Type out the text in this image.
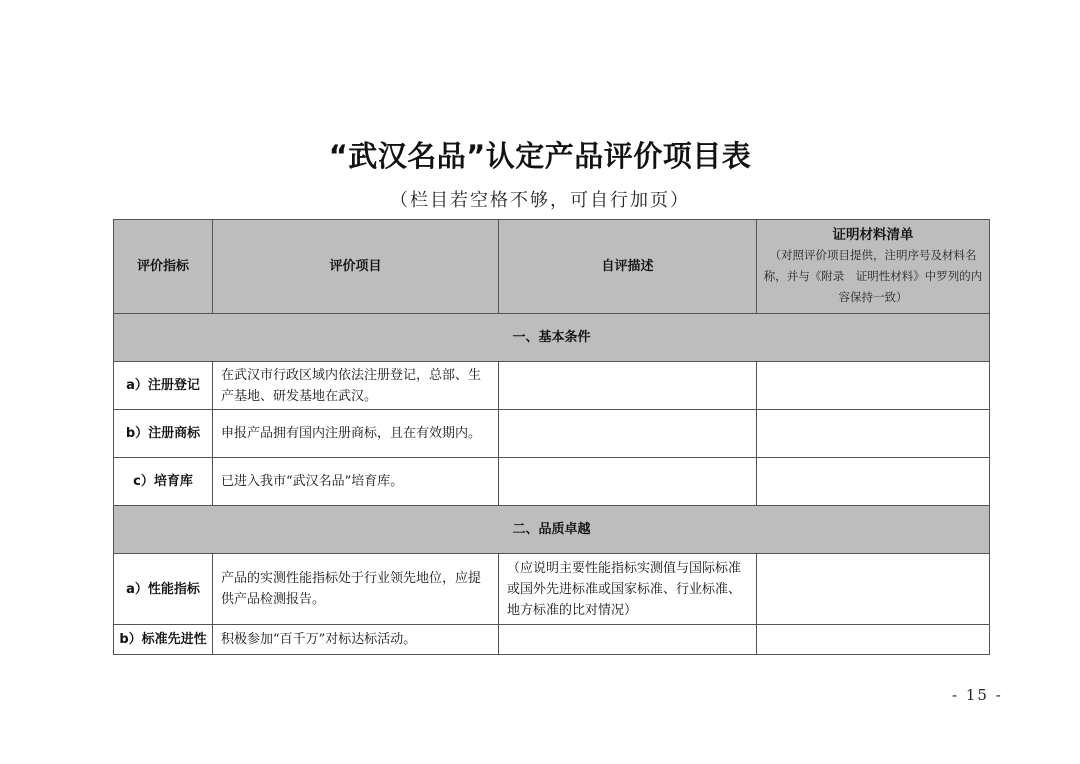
“武汉名品”认定产品评价项目表
（栏目若空格不够，可自行加页）
评价指标	评价项目	自评描述	证明材料清单
（对照评价项目提供，注明序号及材料名称，并与《附录　证明性材料》中罗列的内容保持一致）

一、基本条件			
a）注册登记	在武汉市行政区域内依法注册登记，总部、生产基地、研发基地在武汉。		
b）注册商标	申报产品拥有国内注册商标，且在有效期内。		
c）培育库	已进入我市“武汉名品”培育库。		
二、品质卓越			
a）性能指标	产品的实测性能指标处于行业领先地位，应提供产品检测报告。	（应说明主要性能指标实测值与国际标准或国外先进标准或国家标准、行业标准、地方标准的比对情况）	
b）标准先进性	积极参加“百千万”对标达标活动。		
- 15 -
